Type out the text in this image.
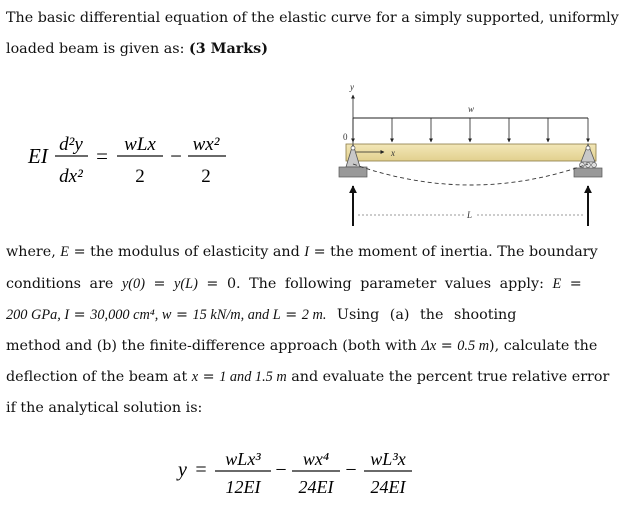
The basic differential equation of the elastic curve for a simply supported, uniformly
loaded beam is given as: (3 Marks)
EI d²y
dx²
= wLx
2
− wx²
2
y
w
0
x
L
where, E = the modulus of elasticity and I = the moment of inertia. The boundary
conditions are y(0) = y(L) = 0. The following parameter values apply: E =
200 GPa, I = 30,000 cm⁴, w = 15 kN/m, and L = 2 m. Using (a) the shooting
method and (b) the finite-difference approach (both with Δx = 0.5 m), calculate the
deflection of the beam at x = 1 and 1.5 m and evaluate the percent true relative error
if the analytical solution is:
y = wLx³
12EI
− wx⁴
24EI
− wL³x
24EI
